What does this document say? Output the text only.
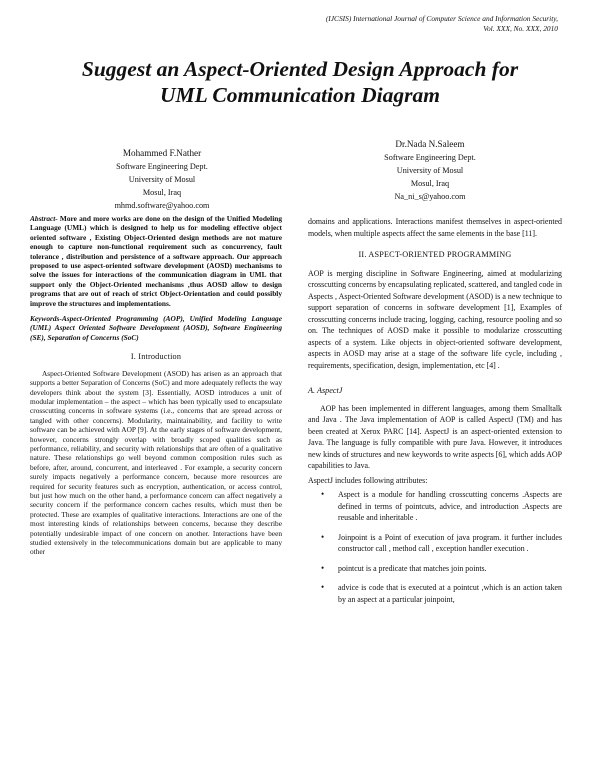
(IJCSIS) International Journal of Computer Science and Information Security,
Vol. XXX, No. XXX, 2010
Suggest an Aspect-Oriented Design Approach for
UML Communication Diagram
Mohammed F.Nather
Software Engineering Dept.
University of Mosul
Mosul, Iraq
mhmd.software@yahoo.com
Dr.Nada N.Saleem
Software Engineering Dept.
University of Mosul
Mosul, Iraq
Na_ni_s@yahoo.com

Abstract- More and more works are done on the design of the Unified Modeling Language (UML) which is designed to help us for modeling effective object oriented software , Existing Object-Oriented design methods are not mature enough to capture non-functional requirement such as concurrency, fault tolerance , distribution and persistence of a software approach. Our approach proposed to use aspect-oriented software development (AOSD) mechanisms to solve the issues for interactions of the communication diagram in UML that support only the Object-Oriented mechanisms ,thus AOSD allow to design programs that are out of reach of strict Object-Orientation and could possibly improve the structures and implementations.

Keywords-Aspect-Oriented Programming (AOP), Unified Modeling Language (UML) Aspect Oriented Software Development (AOSD), Software Engineering (SE), Separation of Concerns (SoC)

I. Introduction

Aspect-Oriented Software Development (ASOD) has arisen as an approach that supports a better Separation of Concerns (SoC) and more adequately reflects the way developers think about the system [3]. Essentially, AOSD introduces a unit of modular implementation – the aspect – which has been typically used to encapsulate crosscutting concerns in software systems (i.e., concerns that are spread across or tangled with other concerns). Modularity, maintainability, and facility to write software can be achieved with AOP [9]. At the early stages of software development, however, concerns strongly overlap with broadly scoped qualities such as performance, reliability, and security with relationships that are often of a qualitative nature. These relationships go well beyond common composition rules such as before, after, around, concurrent, and interleaved . For example, a security concern surely impacts negatively a performance concern, because more resources are required for security features such as encryption, authentication, or access control, but just how much on the other hand, a performance concern can affect negatively a security concern if the performance concern caches results, which must then be protected. These are examples of qualitative interactions. Interactions are one of the most interesting kinds of relationships between concerns, because they describe potentially undesirable impact of one concern on another. Interactions have been studied extensively in the telecommunications domain but are applicable to many other

domains and applications. Interactions manifest themselves in aspect-oriented models, when multiple aspects affect the same elements in the base [11].

II. ASPECT-ORIENTED PROGRAMMING

AOP is merging discipline in Software Engineering, aimed at modularizing crosscutting concerns by encapsulating replicated, scattered, and tangled code in Aspects , Aspect-Oriented Software development (ASOD) is a new technique to support separation of concerns in software development [1], Examples of crosscutting concerns include tracing, logging, caching, resource pooling and so on. The techniques of AOSD make it possible to modularize crosscutting aspects of a system. Like objects in object-oriented software development, aspects in AOSD may arise at a stage of the software life cycle, including , requirements, specification, design, implementation, etc [4] .

A. AspectJ

AOP has been implemented in different languages, among them Smalltalk and Java . The Java implementation of AOP is called AspectJ (TM) and has been created at Xerox PARC [14]. AspectJ is an aspect-oriented extension to Java. The language is fully compatible with pure Java. However, it introduces new kinds of structures and new keywords to write aspects [6], which adds AOP capabilities to Java.

AspectJ includes following attributes:

• Aspect is a module for handling crosscutting concerns .Aspects are defined in terms of pointcuts, advice, and introduction .Aspects are reusable and inheritable .
• Joinpoint is a Point of execution of java program. it further includes constructor call , method call , exception handler execution .
• pointcut is a predicate that matches join points.
• advice is code that is executed at a pointcut ,which is an action taken by an aspect at a particular joinpoint,
